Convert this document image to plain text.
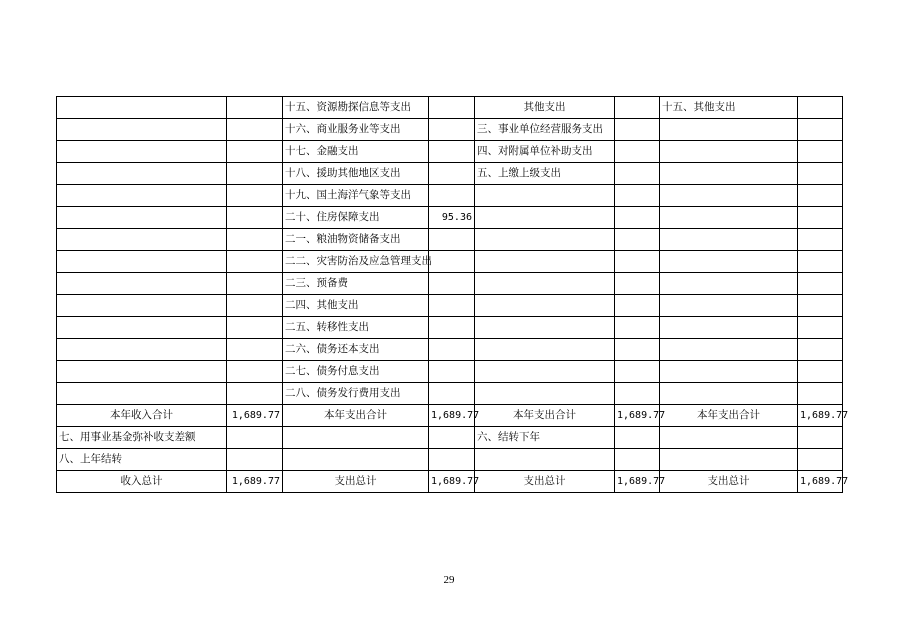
		十五、资源勘探信息等支出		其他支出		十五、其他支出	
		十六、商业服务业等支出		三、事业单位经营服务支出			
		十七、金融支出		四、对附属单位补助支出			
		十八、援助其他地区支出		五、上缴上级支出			
		十九、国土海洋气象等支出					
		二十、住房保障支出	95.36				
		二一、粮油物资储备支出					
		二二、灾害防治及应急管理支出					
		二三、预备费					
		二四、其他支出					
		二五、转移性支出					
		二六、债务还本支出					
		二七、债务付息支出					
		二八、债务发行费用支出					
本年收入合计	1,689.77	本年支出合计	1,689.77	本年支出合计	1,689.77	本年支出合计	1,689.77
七、用事业基金弥补收支差额				六、结转下年			
八、上年结转							
收入总计	1,689.77	支出总计	1,689.77	支出总计	1,689.77	支出总计	1,689.77
29
